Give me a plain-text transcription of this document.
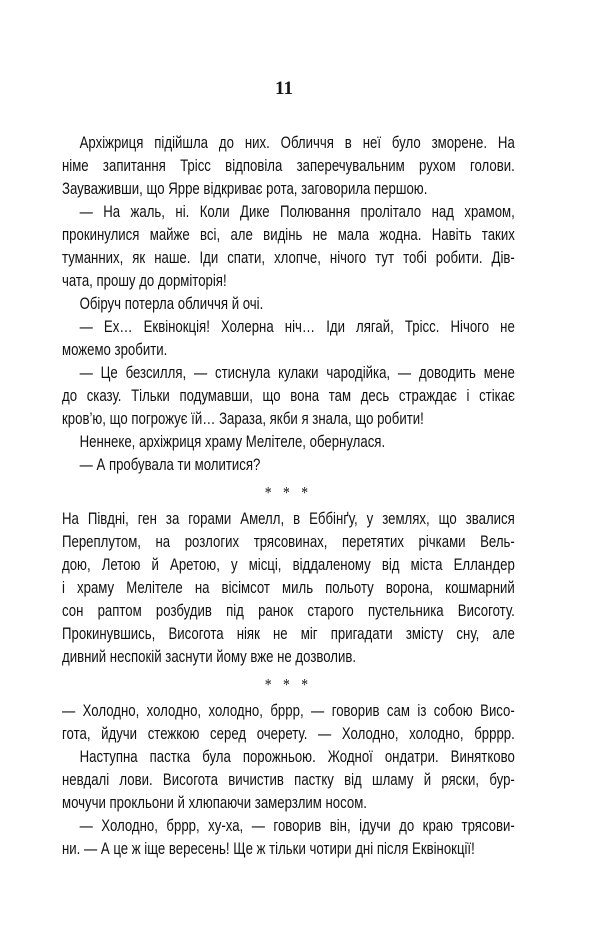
11
Архіжриця підійшла до них. Обличчя в неї було зморене. На
німе запитання Трісс відповіла заперечувальним рухом голови.
Зауваживши, що Ярре відкриває рота, заговорила першою.
— На жаль, ні. Коли Дике Полювання пролітало над храмом,
прокинулися майже всі, але видінь не мала жодна. Навіть таких
туманних, як наше. Іди спати, хлопче, нічого тут тобі робити. Дів-
чата, прошу до дорміторія!
Обіруч потерла обличчя й очі.
— Ех… Еквінокція! Холерна ніч… Іди лягай, Трісс. Нічого не
можемо зробити.
— Це безсилля, — стиснула кулаки чародійка, — доводить мене
до сказу. Тільки подумавши, що вона там десь страждає і стікає
кров’ю, що погрожує їй… Зараза, якби я знала, що робити!
Неннеке, архіжриця храму Мелітеле, обернулася.
— А пробувала ти молитися?
* * *
На Півдні, ген за горами Амелл, в Еббінґу, у землях, що звалися
Переплутом, на розлогих трясовинах, перетятих річками Вель-
дою, Летою й Аретою, у місці, віддаленому від міста Елландер
і храму Мелітеле на вісімсот миль польоту ворона, кошмарний
сон раптом розбудив під ранок старого пустельника Висоготу.
Прокинувшись, Висогота ніяк не міг пригадати змісту сну, але
дивний неспокій заснути йому вже не дозволив.
* * *
— Холодно, холодно, холодно, бррр, — говорив сам із собою Висо-
гота, йдучи стежкою серед очерету. — Холодно, холодно, брррр.
Наступна пастка була порожньою. Жодної ондатри. Винятково
невдалі лови. Висогота вичистив пастку від шламу й ряски, бур-
мочучи прокльони й хлюпаючи замерзлим носом.
— Холодно, бррр, ху-ха, — говорив він, ідучи до краю трясови-
ни. — А це ж іще вересень! Ще ж тільки чотири дні після Еквінокції!
